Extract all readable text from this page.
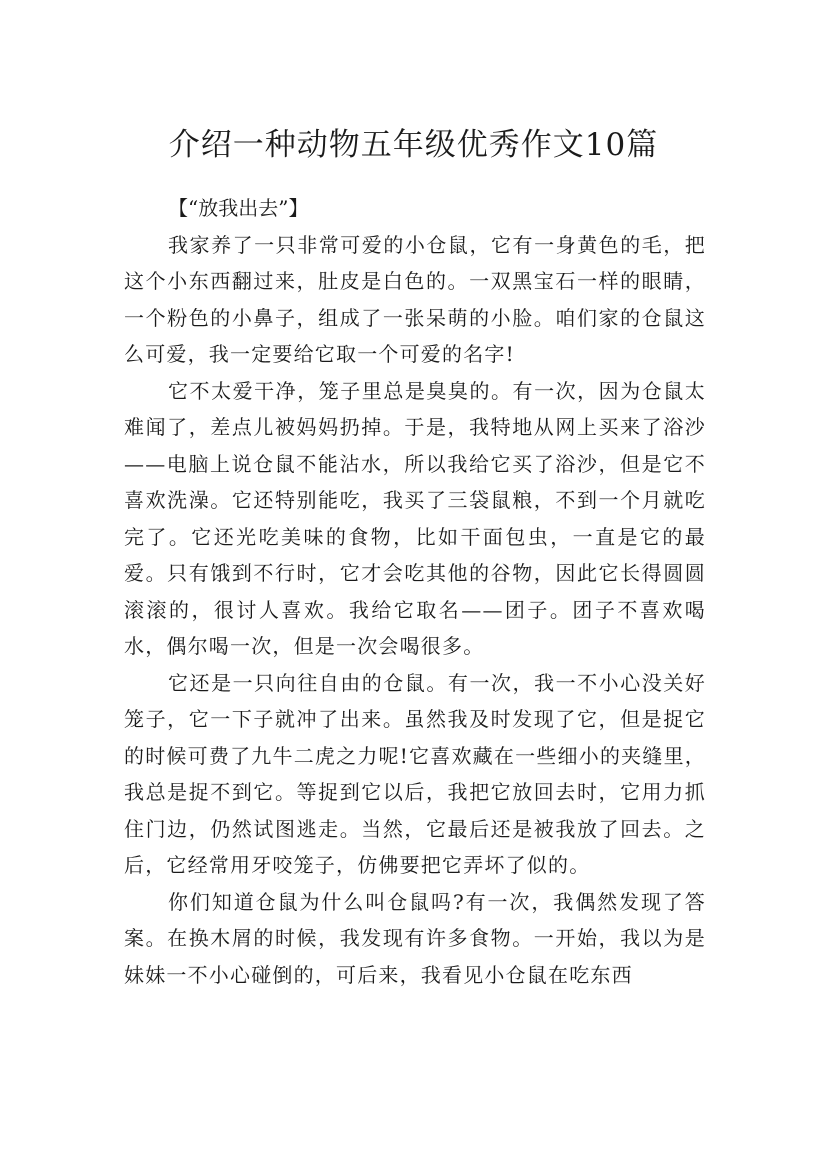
介绍一种动物五年级优秀作文10篇

【“放我出去”】

我家养了一只非常可爱的小仓鼠，它有一身黄色的毛，把这个小东西翻过来，肚皮是白色的。一双黑宝石一样的眼睛，一个粉色的小鼻子，组成了一张呆萌的小脸。咱们家的仓鼠这么可爱，我一定要给它取一个可爱的名字!

它不太爱干净，笼子里总是臭臭的。有一次，因为仓鼠太难闻了，差点儿被妈妈扔掉。于是，我特地从网上买来了浴沙——电脑上说仓鼠不能沾水，所以我给它买了浴沙，但是它不喜欢洗澡。它还特别能吃，我买了三袋鼠粮，不到一个月就吃完了。它还光吃美味的食物，比如干面包虫，一直是它的最爱。只有饿到不行时，它才会吃其他的谷物，因此它长得圆圆滚滚的，很讨人喜欢。我给它取名——团子。团子不喜欢喝水，偶尔喝一次，但是一次会喝很多。

它还是一只向往自由的仓鼠。有一次，我一不小心没关好笼子，它一下子就冲了出来。虽然我及时发现了它，但是捉它的时候可费了九牛二虎之力呢!它喜欢藏在一些细小的夹缝里，我总是捉不到它。等捉到它以后，我把它放回去时，它用力抓住门边，仍然试图逃走。当然，它最后还是被我放了回去。之后，它经常用牙咬笼子，仿佛要把它弄坏了似的。

你们知道仓鼠为什么叫仓鼠吗?有一次，我偶然发现了答案。在换木屑的时候，我发现有许多食物。一开始，我以为是妹妹一不小心碰倒的，可后来，我看见小仓鼠在吃东西
